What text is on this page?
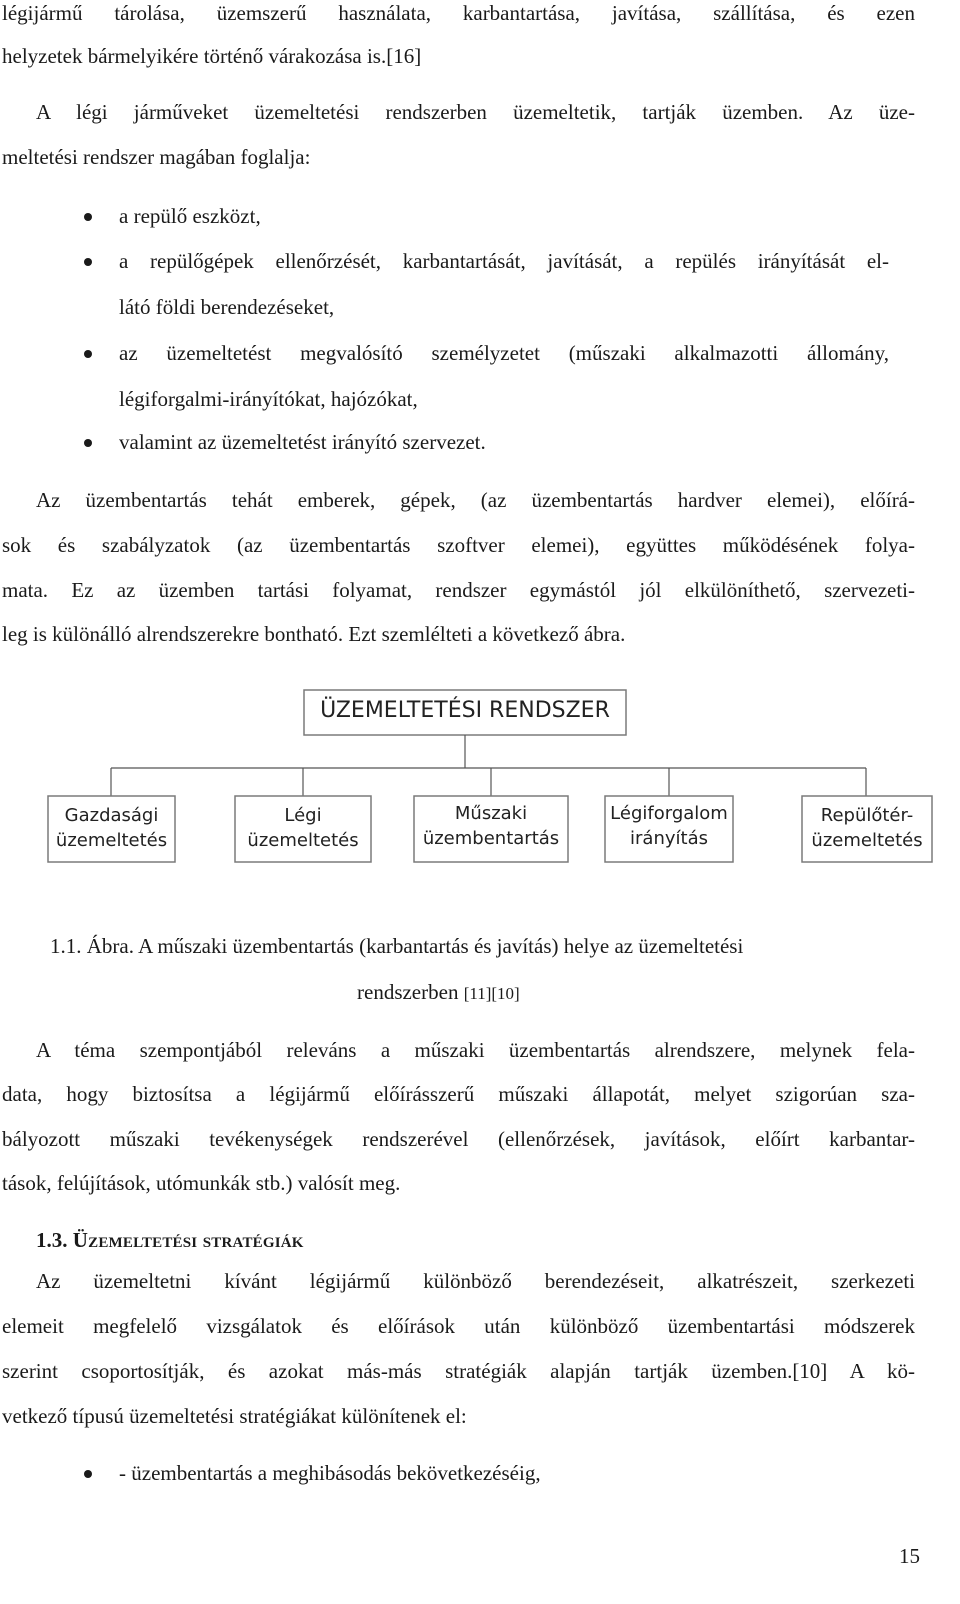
légijármű tárolása, üzemszerű használata, karbantartása, javítása, szállítása, és ezen

helyzetek bármelyikére történő várakozása is.[16]

A légi járműveket üzemeltetési rendszerben üzemeltetik, tartják üzemben. Az üze-

meltetési rendszer magában foglalja:

a repülő eszközt,

a repülőgépek ellenőrzését, karbantartását, javítását, a repülés irányítását el-

látó földi berendezéseket,

az üzemeltetést megvalósító személyzetet (műszaki alkalmazotti állomány,

légiforgalmi-irányítókat, hajózókat,

valamint az üzemeltetést irányító szervezet.

Az üzembentartás tehát emberek, gépek, (az üzembentartás hardver elemei), előírá-

sok és szabályzatok (az üzembentartás szoftver elemei), együttes működésének folya-

mata. Ez az üzemben tartási folyamat, rendszer egymástól jól elkülöníthető, szervezeti-

leg is különálló alrendszerekre bontható. Ezt szemlélteti a következő ábra.

ÜZEMELTETÉSI RENDSZER
Gazdasági
üzemeltetés
Légi
üzemeltetés
Műszaki
üzembentartás
Légiforgalom
irányítás
Repülőtér-
üzemeltetés

1.1. Ábra. A műszaki üzembentartás (karbantartás és javítás) helye az üzemeltetési

rendszerben [11][10]

A téma szempontjából releváns a műszaki üzembentartás alrendszere, melynek fela-

data, hogy biztosítsa a légijármű előírásszerű műszaki állapotát, melyet szigorúan sza-

bályozott műszaki tevékenységek rendszerével (ellenőrzések, javítások, előírt karbantar-

tások, felújítások, utómunkák stb.) valósít meg.

1.3. Üzemeltetési stratégiák

Az üzemeltetni kívánt légijármű különböző berendezéseit, alkatrészeit, szerkezeti

elemeit megfelelő vizsgálatok és előírások után különböző üzembentartási módszerek

szerint csoportosítják, és azokat más-más stratégiák alapján tartják üzemben.[10] A kö-

vetkező típusú üzemeltetési stratégiákat különítenek el:

- üzembentartás a meghibásodás bekövetkezéséig,

15
